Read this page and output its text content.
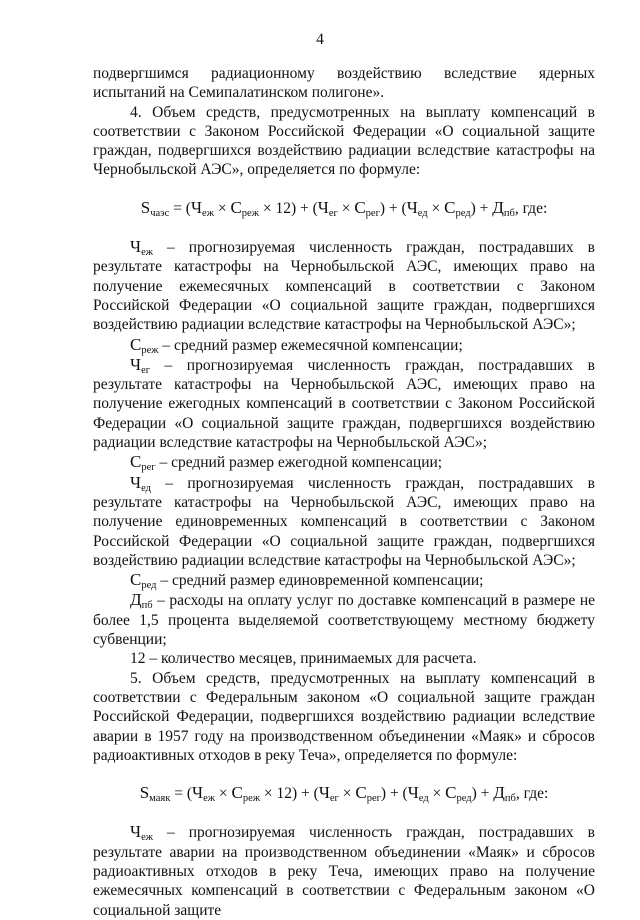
4

подвергшимся радиационному воздействию вследствие ядерных испытаний на Семипалатинском полигоне».

4. Объем средств, предусмотренных на выплату компенсаций в соответствии с Законом Российской Федерации «О социальной защите граждан, подвергшихся воздействию радиации вследствие катастрофы на Чернобыльской АЭС», определяется по формуле:

$S_{чаэс} = (Ч_{еж} \times С_{реж} \times 12) + (Ч_{ег} \times С_{рег}) + (Ч_{ед} \times С_{ред}) + Д_{пб}$, где:

$Ч_{еж}$ – прогнозируемая численность граждан, пострадавших в результате катастрофы на Чернобыльской АЭС, имеющих право на получение ежемесячных компенсаций в соответствии с Законом Российской Федерации «О социальной защите граждан, подвергшихся воздействию радиации вследствие катастрофы на Чернобыльской АЭС»;

$С_{реж}$ – средний размер ежемесячной компенсации;

$Ч_{ег}$ – прогнозируемая численность граждан, пострадавших в результате катастрофы на Чернобыльской АЭС, имеющих право на получение ежегодных компенсаций в соответствии с Законом Российской Федерации «О социальной защите граждан, подвергшихся воздействию радиации вследствие катастрофы на Чернобыльской АЭС»;

$С_{рег}$ – средний размер ежегодной компенсации;

$Ч_{ед}$ – прогнозируемая численность граждан, пострадавших в результате катастрофы на Чернобыльской АЭС, имеющих право на получение единовременных компенсаций в соответствии с Законом Российской Федерации «О социальной защите граждан, подвергшихся воздействию радиации вследствие катастрофы на Чернобыльской АЭС»;

$С_{ред}$ – средний размер единовременной компенсации;

$Д_{пб}$ – расходы на оплату услуг по доставке компенсаций в размере не более 1,5 процента выделяемой соответствующему местному бюджету субвенции;

12 – количество месяцев, принимаемых для расчета.

5. Объем средств, предусмотренных на выплату компенсаций в соответствии с Федеральным законом «О социальной защите граждан Российской Федерации, подвергшихся воздействию радиации вследствие аварии в 1957 году на производственном объединении «Маяк» и сбросов радиоактивных отходов в реку Теча», определяется по формуле:

$S_{маяк} = (Ч_{еж} \times С_{реж} \times 12) + (Ч_{ег} \times С_{рег}) + (Ч_{ед} \times С_{ред}) + Д_{пб}$, где:

$Ч_{еж}$ – прогнозируемая численность граждан, пострадавших в результате аварии на производственном объединении «Маяк» и сбросов радиоактивных отходов в реку Теча, имеющих право на получение ежемесячных компенсаций в соответствии с Федеральным законом «О социальной защите
